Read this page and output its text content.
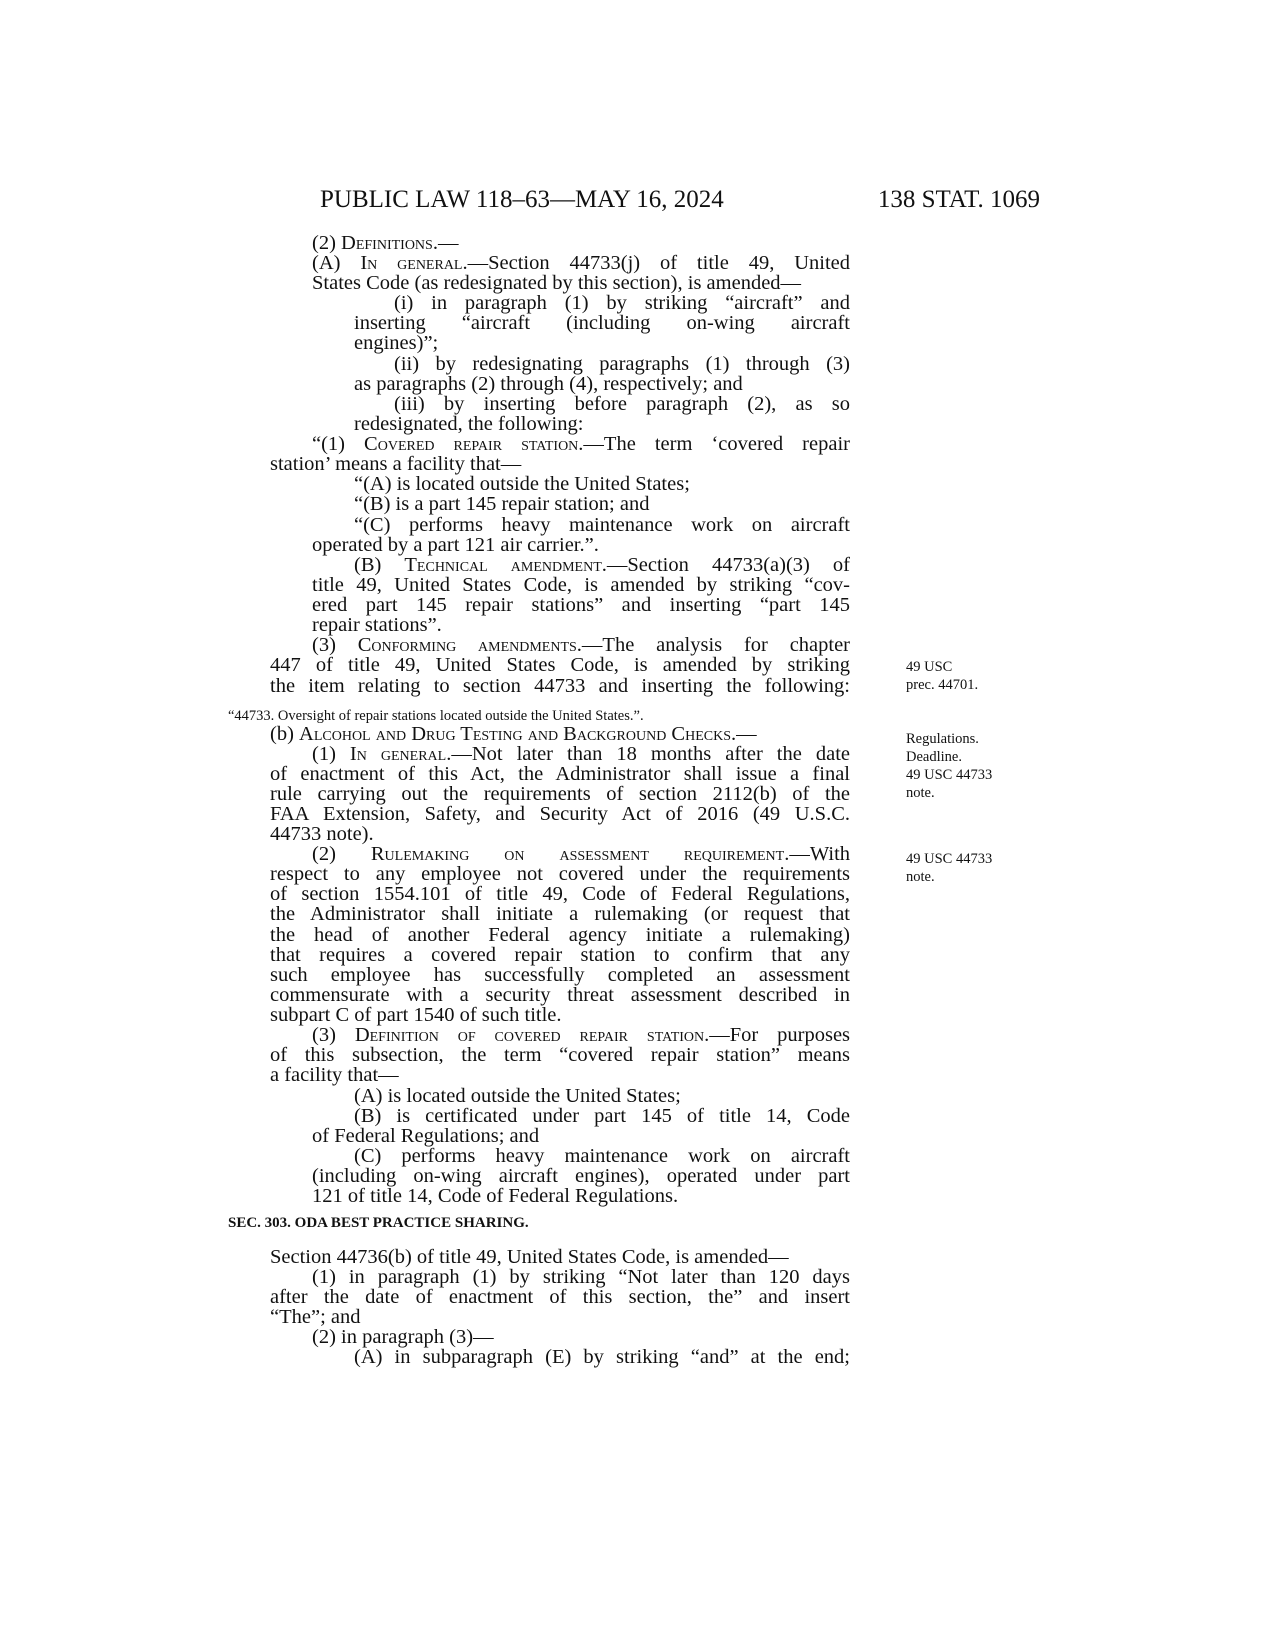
PUBLIC LAW 118–63—MAY 16, 2024	138 STAT. 1069
(2) Definitions.—
(A) In general.—Section 44733(j) of title 49, United
States Code (as redesignated by this section), is amended—
(i) in paragraph (1) by striking “aircraft” and
inserting “aircraft (including on-wing aircraft
engines)”;
(ii) by redesignating paragraphs (1) through (3)
as paragraphs (2) through (4), respectively; and
(iii) by inserting before paragraph (2), as so
redesignated, the following:
“(1) Covered repair station.—The term ‘covered repair
station’ means a facility that—
“(A) is located outside the United States;
“(B) is a part 145 repair station; and
“(C) performs heavy maintenance work on aircraft
operated by a part 121 air carrier.”.
(B) Technical amendment.—Section 44733(a)(3) of
title 49, United States Code, is amended by striking “cov-
ered part 145 repair stations” and inserting “part 145
repair stations”.
(3) Conforming amendments.—The analysis for chapter
447 of title 49, United States Code, is amended by striking
the item relating to section 44733 and inserting the following:
(b) Alcohol and Drug Testing and Background Checks.—
(1) In general.—Not later than 18 months after the date
of enactment of this Act, the Administrator shall issue a final
rule carrying out the requirements of section 2112(b) of the
FAA Extension, Safety, and Security Act of 2016 (49 U.S.C.
44733 note).
(2) Rulemaking on assessment requirement.—With
respect to any employee not covered under the requirements
of section 1554.101 of title 49, Code of Federal Regulations,
the Administrator shall initiate a rulemaking (or request that
the head of another Federal agency initiate a rulemaking)
that requires a covered repair station to confirm that any
such employee has successfully completed an assessment
commensurate with a security threat assessment described in
subpart C of part 1540 of such title.
(3) Definition of covered repair station.—For purposes
of this subsection, the term “covered repair station” means
a facility that—
(A) is located outside the United States;
(B) is certificated under part 145 of title 14, Code
of Federal Regulations; and
(C) performs heavy maintenance work on aircraft
(including on-wing aircraft engines), operated under part
121 of title 14, Code of Federal Regulations.
Section 44736(b) of title 49, United States Code, is amended—
(1) in paragraph (1) by striking “Not later than 120 days
after the date of enactment of this section, the” and insert
“The”; and
(2) in paragraph (3)—
(A) in subparagraph (E) by striking “and” at the end;
“44733. Oversight of repair stations located outside the United States.”.
SEC. 303. ODA BEST PRACTICE SHARING.
49 USC
prec. 44701.
Regulations.
Deadline.
49 USC 44733
note.
49 USC 44733
note.
